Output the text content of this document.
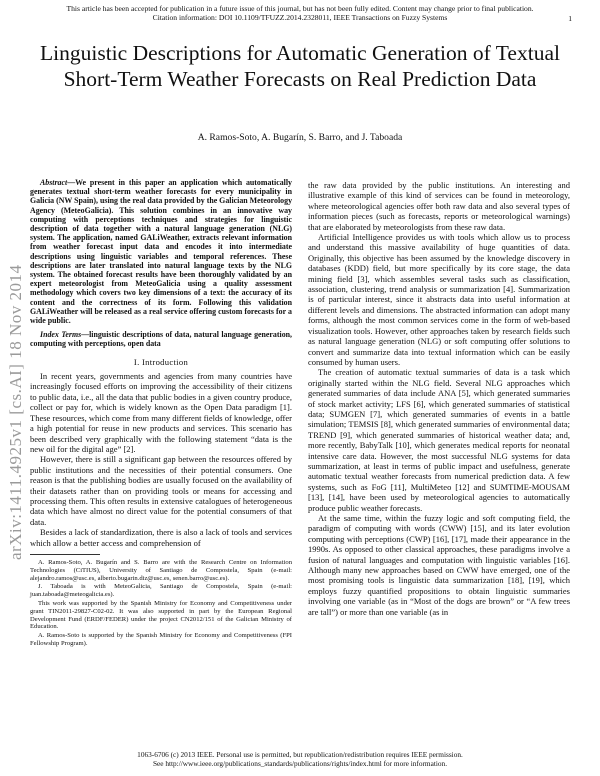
This article has been accepted for publication in a future issue of this journal, but has not been fully edited. Content may change prior to final publication.
Citation information: DOI 10.1109/TFUZZ.2014.2328011, IEEE Transactions on Fuzzy Systems	1
Linguistic Descriptions for Automatic Generation of Textual Short-Term Weather Forecasts on Real Prediction Data
A. Ramos-Soto, A. Bugarín, S. Barro, and J. Taboada
arXiv:1411.4925v1 [cs.AI] 18 Nov 2014

Abstract—We present in this paper an application which automatically generates textual short-term weather forecasts for every municipality in Galicia (NW Spain), using the real data provided by the Galician Meteorology Agency (MeteoGalicia). This solution combines in an innovative way computing with perceptions techniques and strategies for linguistic description of data together with a natural language generation (NLG) system. The application, named GALiWeather, extracts relevant information from weather forecast input data and encodes it into intermediate descriptions using linguistic variables and temporal references. These descriptions are later translated into natural language texts by the NLG system. The obtained forecast results have been thoroughly validated by an expert meteorologist from MeteoGalicia using a quality assessment methodology which covers two key dimensions of a text: the accuracy of its content and the correctness of its form. Following this validation GALiWeather will be released as a real service offering custom forecasts for a wide public.

Index Terms—linguistic descriptions of data, natural language generation, computing with perceptions, open data

I. Introduction

In recent years, governments and agencies from many countries have increasingly focused efforts on improving the accessibility of their citizens to public data, i.e., all the data that public bodies in a given country produce, collect or pay for, which is widely known as the Open Data paradigm [1]. These resources, which come from many different fields of knowledge, offer a high potential for reuse in new products and services. This scenario has been described very graphically with the following statement “data is the new oil for the digital age” [2].

However, there is still a significant gap between the resources offered by public institutions and the necessities of their potential consumers. One reason is that the publishing bodies are usually focused on the availability of their datasets rather than on providing tools or means for accessing and processing them. This often results in extensive catalogues of heterogeneous data which have almost no direct value for the potential consumers of that data.

Besides a lack of standardization, there is also a lack of tools and services which allow a better access and comprehension of

A. Ramos-Soto, A. Bugarín and S. Barro are with the Research Centre on Information Technologies (CiTIUS), University of Santiago de Compostela, Spain (e-mail: alejandro.ramos@usc.es, alberto.bugarin.diz@usc.es, senen.barro@usc.es).

J. Taboada is with MeteoGalicia, Santiago de Compostela, Spain (e-mail: juan.taboada@meteogalicia.es).

This work was supported by the Spanish Ministry for Economy and Competitiveness under grant TIN2011-29827-C02-02. It was also supported in part by the European Regional Development Fund (ERDF/FEDER) under the project CN2012/151 of the Galician Ministry of Education.

A. Ramos-Soto is supported by the Spanish Ministry for Economy and Competitiveness (FPI Fellowship Program).

the raw data provided by the public institutions. An interesting and illustrative example of this kind of services can be found in meteorology, where meteorological agencies offer both raw data and also several types of information pieces (such as forecasts, reports or meteorological warnings) that are elaborated by meteorologists from these raw data.

Artificial Intelligence provides us with tools which allow us to process and understand this massive availability of huge quantities of data. Originally, this objective has been assumed by the knowledge discovery in databases (KDD) field, but more specifically by its core stage, the data mining field [3], which assembles several tasks such as classification, association, clustering, trend analysis or summarization [4]. Summarization is of particular interest, since it abstracts data into useful information at different levels and dimensions. The abstracted information can adopt many forms, although the most common services come in the form of web-based visualization tools. However, other approaches taken by research fields such as natural language generation (NLG) or soft computing offer solutions to convert and summarize data into textual information which can be easily consumed by human users.

The creation of automatic textual summaries of data is a task which originally started within the NLG field. Several NLG approaches which generated summaries of data include ANA [5], which generated summaries of stock market activity; LFS [6], which generated summaries of statistical data; SUMGEN [7], which generated summaries of events in a battle simulation; TEMSIS [8], which generated summaries of environmental data; TREND [9], which generated summaries of historical weather data; and, more recently, BabyTalk [10], which generates medical reports for neonatal intensive care data. However, the most successful NLG systems for data summarization, at least in terms of public impact and usefulness, generate automatic textual weather forecasts from numerical prediction data. A few systems, such as FoG [11], MultiMeteo [12] and SUMTIME-MOUSAM [13], [14], have been used by meteorological agencies to automatically produce public weather forecasts.

At the same time, within the fuzzy logic and soft computing field, the paradigm of computing with words (CWW) [15], and its later evolution computing with perceptions (CWP) [16], [17], made their appearance in the 1990s. As opposed to other classical approaches, these paradigms involve a fusion of natural languages and computation with linguistic variables [16]. Although many new approaches based on CWW have emerged, one of the most promising tools is linguistic data summarization [18], [19], which employs fuzzy quantified propositions to obtain linguistic summaries involving one variable (as in “Most of the dogs are brown” or “A few trees are tall”) or more than one variable (as in

1063-6706 (c) 2013 IEEE. Personal use is permitted, but republication/redistribution requires IEEE permission.
See http://www.ieee.org/publications_standards/publications/rights/index.html for more information.
